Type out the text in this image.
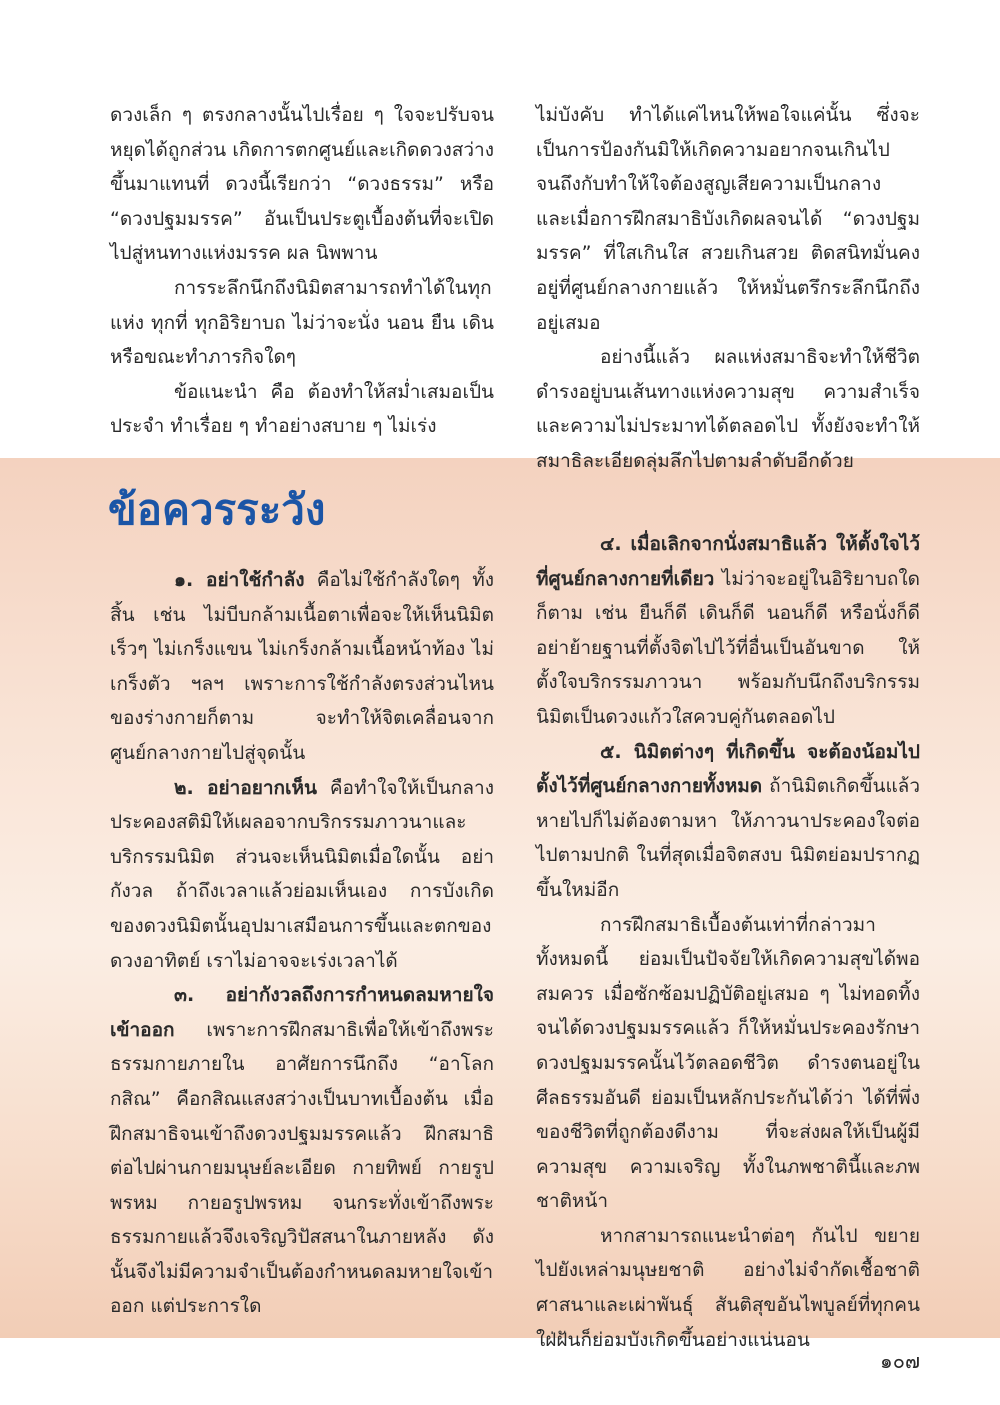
ดวงเล็ก ๆ ตรงกลางนั้นไปเรื่อย ๆ ใจจะปรับจนหยุดได้ถูกส่วน เกิดการตกศูนย์และเกิดดวงสว่างขึ้นมาแทนที่ ดวงนี้เรียกว่า “ดวงธรรม” หรือ “ดวงปฐมมรรค” อันเป็นประตูเบื้องต้นที่จะเปิดไปสู่หนทางแห่งมรรค ผล นิพพาน

การระลึกนึกถึงนิมิตสามารถทำได้ในทุกแห่ง ทุกที่ ทุกอิริยาบถ ไม่ว่าจะนั่ง นอน ยืน เดิน หรือขณะทำภารกิจใดๆ

ข้อแนะนำ คือ ต้องทำให้สม่ำเสมอเป็นประจำ ทำเรื่อย ๆ ทำอย่างสบาย ๆ ไม่เร่ง

ไม่บังคับ ทำได้แค่ไหนให้พอใจแค่นั้น ซึ่งจะเป็นการป้องกันมิให้เกิดความอยากจนเกินไป จนถึงกับทำให้ใจต้องสูญเสียความเป็นกลาง และเมื่อการฝึกสมาธิบังเกิดผลจนได้ “ดวงปฐมมรรค” ที่ใสเกินใส สวยเกินสวย ติดสนิทมั่นคงอยู่ที่ศูนย์กลางกายแล้ว ให้หมั่นตรึกระลึกนึกถึงอยู่เสมอ

อย่างนี้แล้ว ผลแห่งสมาธิจะทำให้ชีวิตดำรงอยู่บนเส้นทางแห่งความสุข ความสำเร็จและความไม่ประมาทได้ตลอดไป ทั้งยังจะทำให้สมาธิละเอียดลุ่มลึกไปตามลำดับอีกด้วย

ข้อควรระวัง

๑. อย่าใช้กำลัง คือไม่ใช้กำลังใดๆ ทั้งสิ้น เช่น ไม่บีบกล้ามเนื้อตาเพื่อจะให้เห็นนิมิตเร็วๆ ไม่เกร็งแขน ไม่เกร็งกล้ามเนื้อหน้าท้อง ไม่เกร็งตัว ฯลฯ เพราะการใช้กำลังตรงส่วนไหนของร่างกายก็ตาม จะทำให้จิตเคลื่อนจากศูนย์กลางกายไปสู่จุดนั้น

๒. อย่าอยากเห็น คือทำใจให้เป็นกลาง ประคองสติมิให้เผลอจากบริกรรมภาวนาและบริกรรมนิมิต ส่วนจะเห็นนิมิตเมื่อใดนั้น อย่ากังวล ถ้าถึงเวลาแล้วย่อมเห็นเอง การบังเกิดของดวงนิมิตนั้นอุปมาเสมือนการขึ้นและตกของดวงอาทิตย์ เราไม่อาจจะเร่งเวลาได้

๓. อย่ากังวลถึงการกำหนดลมหายใจเข้าออก เพราะการฝึกสมาธิเพื่อให้เข้าถึงพระธรรมกายภายใน อาศัยการนึกถึง “อาโลกกสิณ” คือกสิณแสงสว่างเป็นบาทเบื้องต้น เมื่อฝึกสมาธิจนเข้าถึงดวงปฐมมรรคแล้ว ฝึกสมาธิต่อไปผ่านกายมนุษย์ละเอียด กายทิพย์ กายรูปพรหม กายอรูปพรหม จนกระทั่งเข้าถึงพระธรรมกายแล้วจึงเจริญวิปัสสนาในภายหลัง ดังนั้นจึงไม่มีความจำเป็นต้องกำหนดลมหายใจเข้าออก แต่ประการใด

๔. เมื่อเลิกจากนั่งสมาธิแล้ว ให้ตั้งใจไว้ที่ศูนย์กลางกายที่เดียว ไม่ว่าจะอยู่ในอิริยาบถใดก็ตาม เช่น ยืนก็ดี เดินก็ดี นอนก็ดี หรือนั่งก็ดี อย่าย้ายฐานที่ตั้งจิตไปไว้ที่อื่นเป็นอันขาด ให้ตั้งใจบริกรรมภาวนา พร้อมกับนึกถึงบริกรรมนิมิตเป็นดวงแก้วใสควบคู่กันตลอดไป

๕. นิมิตต่างๆ ที่เกิดขึ้น จะต้องน้อมไปตั้งไว้ที่ศูนย์กลางกายทั้งหมด ถ้านิมิตเกิดขึ้นแล้วหายไปก็ไม่ต้องตามหา ให้ภาวนาประคองใจต่อไปตามปกติ ในที่สุดเมื่อจิตสงบ นิมิตย่อมปรากฏขึ้นใหม่อีก

การฝึกสมาธิเบื้องต้นเท่าที่กล่าวมาทั้งหมดนี้ ย่อมเป็นปัจจัยให้เกิดความสุขได้พอสมควร เมื่อซักซ้อมปฏิบัติอยู่เสมอ ๆ ไม่ทอดทิ้งจนได้ดวงปฐมมรรคแล้ว ก็ให้หมั่นประคองรักษาดวงปฐมมรรคนั้นไว้ตลอดชีวิต ดำรงตนอยู่ในศีลธรรมอันดี ย่อมเป็นหลักประกันได้ว่า ได้ที่พึ่งของชีวิตที่ถูกต้องดีงาม ที่จะส่งผลให้เป็นผู้มีความสุข ความเจริญ ทั้งในภพชาตินี้และภพชาติหน้า

หากสามารถแนะนำต่อๆ กันไป ขยายไปยังเหล่ามนุษยชาติ อย่างไม่จำกัดเชื้อชาติ ศาสนาและเผ่าพันธุ์ สันติสุขอันไพบูลย์ที่ทุกคนใฝ่ฝันก็ย่อมบังเกิดขึ้นอย่างแน่นอน

๑๐๗
